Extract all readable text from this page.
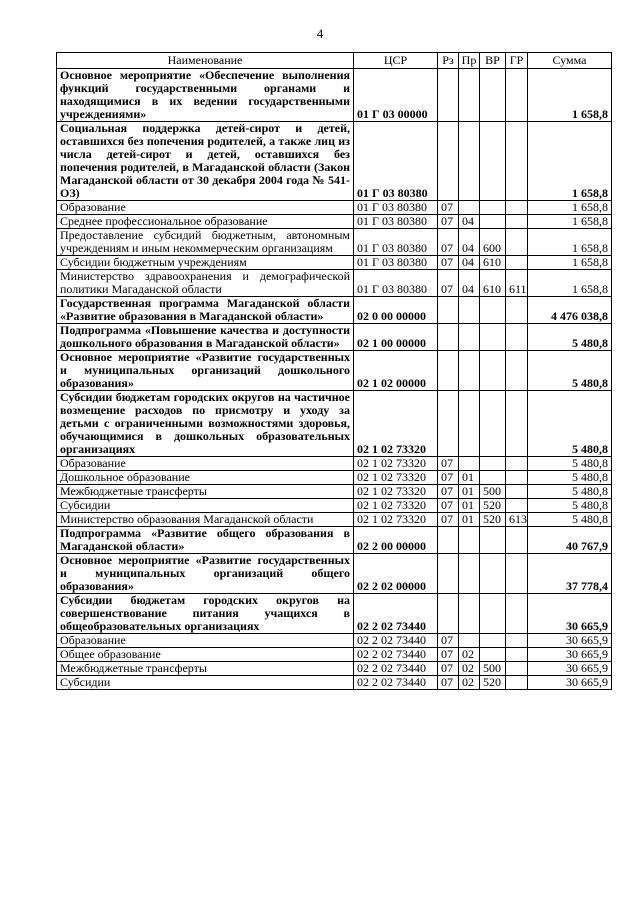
4
Наименование	ЦСР	Рз	Пр	ВР	ГР	Сумма
Основное мероприятие «Обеспечение выполнения функций государственными органами и находящимися в их ведении государственными учреждениями»	01 Г 03 00000					1 658,8
Социальная поддержка детей-сирот и детей, оставшихся без попечения родителей, а также лиц из числа детей-сирот и детей, оставшихся без попечения родителей, в Магаданской области (Закон Магаданской области от 30 декабря 2004 года № 541-ОЗ)	01 Г 03 80380					1 658,8
Образование	01 Г 03 80380	07				1 658,8
Среднее профессиональное образование	01 Г 03 80380	07	04			1 658,8
Предоставление субсидий бюджетным, автономным учреждениям и иным некоммерческим организациям	01 Г 03 80380	07	04	600		1 658,8
Субсидии бюджетным учреждениям	01 Г 03 80380	07	04	610		1 658,8
Министерство здравоохранения и демографической политики Магаданской области	01 Г 03 80380	07	04	610	611	1 658,8
Государственная программа Магаданской области «Развитие образования в Магаданской области»	02 0 00 00000					4 476 038,8
Подпрограмма «Повышение качества и доступности дошкольного образования в Магаданской области»	02 1 00 00000					5 480,8
Основное мероприятие «Развитие государственных и муниципальных организаций дошкольного образования»	02 1 02 00000					5 480,8
Субсидии бюджетам городских округов на частичное возмещение расходов по присмотру и уходу за детьми с ограниченными возможностями здоровья, обучающимися в дошкольных образовательных организациях	02 1 02 73320					5 480,8
Образование	02 1 02 73320	07				5 480,8
Дошкольное образование	02 1 02 73320	07	01			5 480,8
Межбюджетные трансферты	02 1 02 73320	07	01	500		5 480,8
Субсидии	02 1 02 73320	07	01	520		5 480,8
Министерство образования Магаданской области	02 1 02 73320	07	01	520	613	5 480,8
Подпрограмма «Развитие общего образования в Магаданской области»	02 2 00 00000					40 767,9
Основное мероприятие «Развитие государственных и муниципальных организаций общего образования»	02 2 02 00000					37 778,4
Субсидии бюджетам городских округов на совершенствование питания учащихся в общеобразовательных организациях	02 2 02 73440					30 665,9
Образование	02 2 02 73440	07				30 665,9
Общее образование	02 2 02 73440	07	02			30 665,9
Межбюджетные трансферты	02 2 02 73440	07	02	500		30 665,9
Субсидии	02 2 02 73440	07	02	520		30 665,9
